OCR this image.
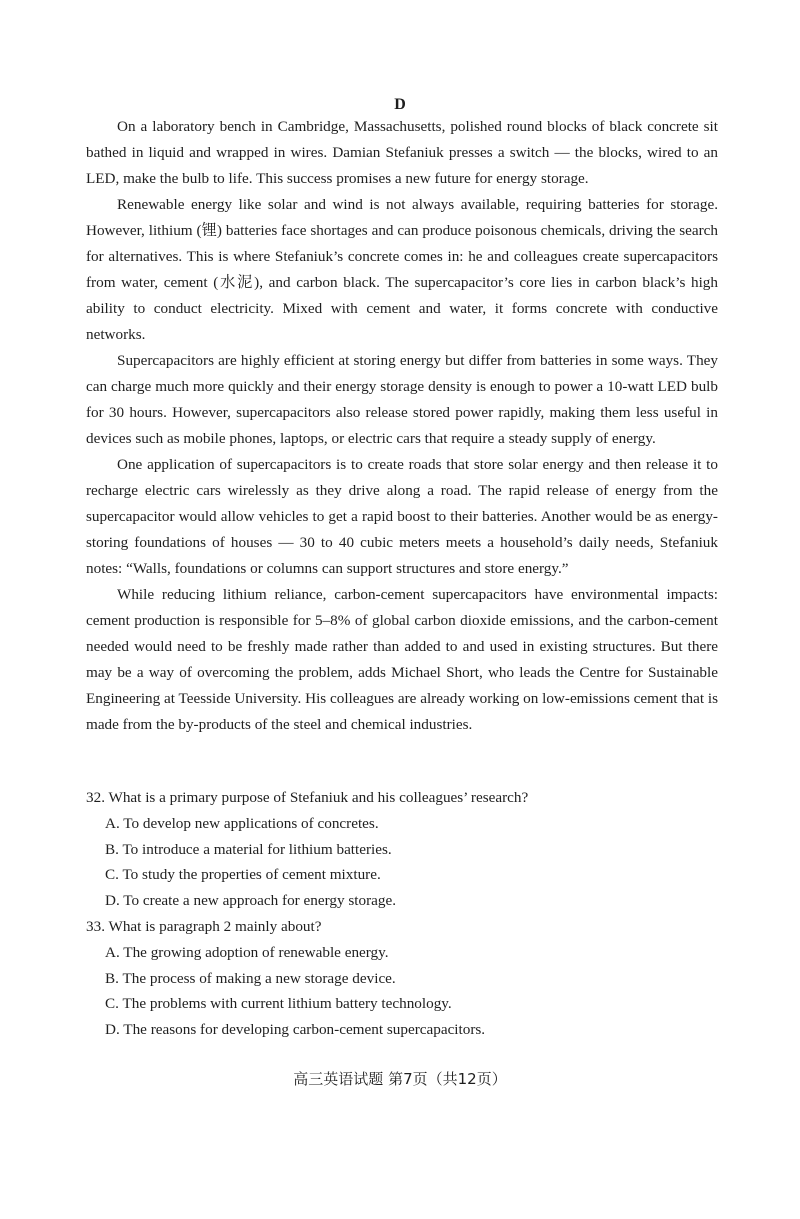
D

On a laboratory bench in Cambridge, Massachusetts, polished round blocks of black concrete sit bathed in liquid and wrapped in wires. Damian Stefaniuk presses a switch — the blocks, wired to an LED, make the bulb to life. This success promises a new future for energy storage.

Renewable energy like solar and wind is not always available, requiring batteries for storage. However, lithium (锂) batteries face shortages and can produce poisonous chemicals, driving the search for alternatives. This is where Stefaniuk’s concrete comes in: he and colleagues create supercapacitors from water, cement (水泥), and carbon black. The supercapacitor’s core lies in carbon black’s high ability to conduct electricity. Mixed with cement and water, it forms concrete with conductive networks.

Supercapacitors are highly efficient at storing energy but differ from batteries in some ways. They can charge much more quickly and their energy storage density is enough to power a 10-watt LED bulb for 30 hours. However, supercapacitors also release stored power rapidly, making them less useful in devices such as mobile phones, laptops, or electric cars that require a steady supply of energy.

One application of supercapacitors is to create roads that store solar energy and then release it to recharge electric cars wirelessly as they drive along a road. The rapid release of energy from the supercapacitor would allow vehicles to get a rapid boost to their batteries. Another would be as energy-storing foundations of houses — 30 to 40 cubic meters meets a household’s daily needs, Stefaniuk notes: “Walls, foundations or columns can support structures and store energy.”

While reducing lithium reliance, carbon-cement supercapacitors have environmental impacts: cement production is responsible for 5–8% of global carbon dioxide emissions, and the carbon-cement needed would need to be freshly made rather than added to and used in existing structures. But there may be a way of overcoming the problem, adds Michael Short, who leads the Centre for Sustainable Engineering at Teesside University. His colleagues are already working on low-emissions cement that is made from the by-products of the steel and chemical industries.

32. What is a primary purpose of Stefaniuk and his colleagues’ research?

A. To develop new applications of concretes.
B. To introduce a material for lithium batteries.
C. To study the properties of cement mixture.
D. To create a new approach for energy storage.

33. What is paragraph 2 mainly about?

A. The growing adoption of renewable energy.
B. The process of making a new storage device.
C. The problems with current lithium battery technology.
D. The reasons for developing carbon-cement supercapacitors.
高三英语试题 第7页（共12页）
